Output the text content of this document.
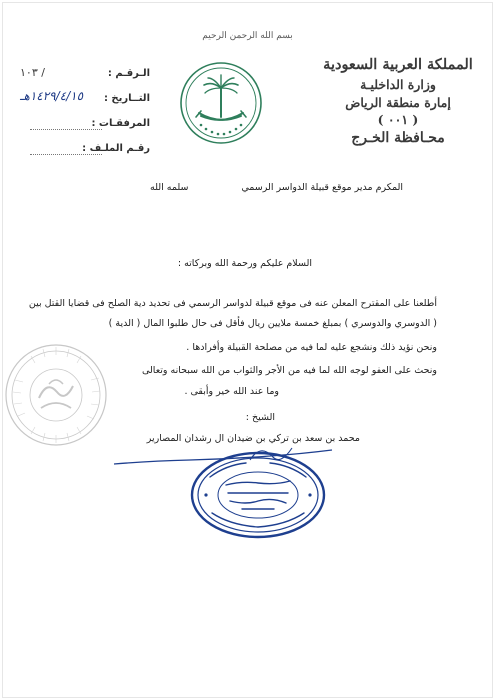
بسم الله الرحمن الرحيم
المملكة العربية السعودية
وزارة الداخليـة
إمارة منطقة الرياض
( ٠٠١ )
محـافظة الخـرج
الـرقـم :
/ ١٠٣
التــاريخ :
١٤٢٩/٤/١٥هـ
المرفقـات :
رقـم الملـف :
المكرم مدير موقع قبيلة الدواسر الرسمي
سلمه الله
السلام عليكم ورحمة الله وبركاته :
أطلعنا على المقترح المعلن عنه فى موقع قبيلة لدواسر الرسمي فى تحديد دية الصلح فى قضايا القتل بين
( الدوسري والدوسري ) بمبلغ خمسة ملايين ريال فأقل فى حال طلبوا المال ( الدية )
ونحن نؤيد ذلك ونشجع عليه لما فيه من مصلحة القبيلة وأفرادها .
ونحث على العفو لوجه الله لما فيه من الأجر والثواب من الله سبحانه وتعالى
وما عند الله خير وأبقى .
الشيخ :
محمد بن سعد بن تركي بن ضيدان ال رشدان المصارير
